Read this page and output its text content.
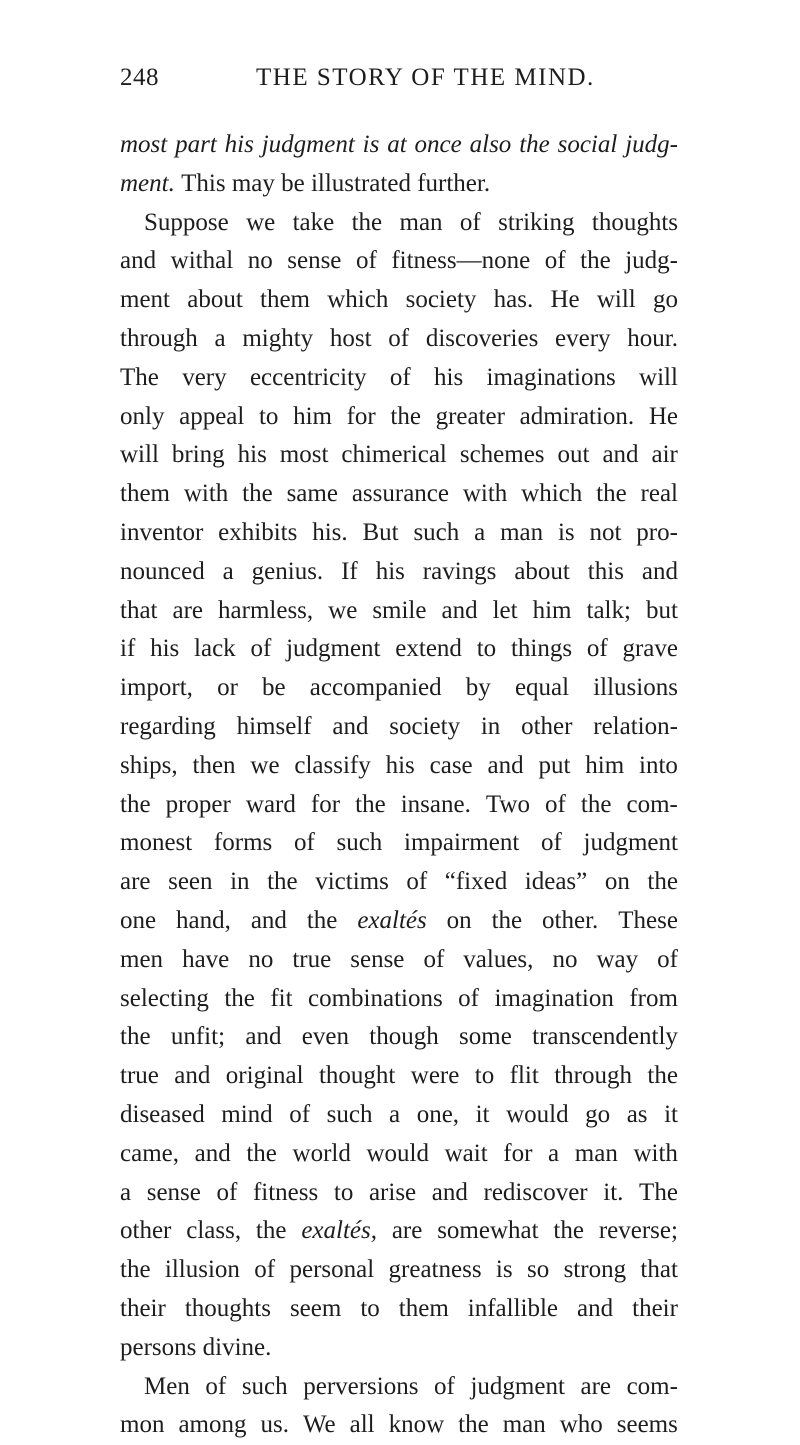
248	THE STORY OF THE MIND.
most part his judgment is at once also the social judg-
ment. This may be illustrated further.
Suppose we take the man of striking thoughts
and withal no sense of fitness—none of the judg-
ment about them which society has. He will go
through a mighty host of discoveries every hour.
The very eccentricity of his imaginations will
only appeal to him for the greater admiration. He
will bring his most chimerical schemes out and air
them with the same assurance with which the real
inventor exhibits his. But such a man is not pro-
nounced a genius. If his ravings about this and
that are harmless, we smile and let him talk; but
if his lack of judgment extend to things of grave
import, or be accompanied by equal illusions
regarding himself and society in other relation-
ships, then we classify his case and put him into
the proper ward for the insane. Two of the com-
monest forms of such impairment of judgment
are seen in the victims of “fixed ideas” on the
one hand, and the exaltés on the other. These
men have no true sense of values, no way of
selecting the fit combinations of imagination from
the unfit; and even though some transcendently
true and original thought were to flit through the
diseased mind of such a one, it would go as it
came, and the world would wait for a man with
a sense of fitness to arise and rediscover it. The
other class, the exaltés, are somewhat the reverse;
the illusion of personal greatness is so strong that
their thoughts seem to them infallible and their
persons divine.
Men of such perversions of judgment are com-
mon among us. We all know the man who seems
